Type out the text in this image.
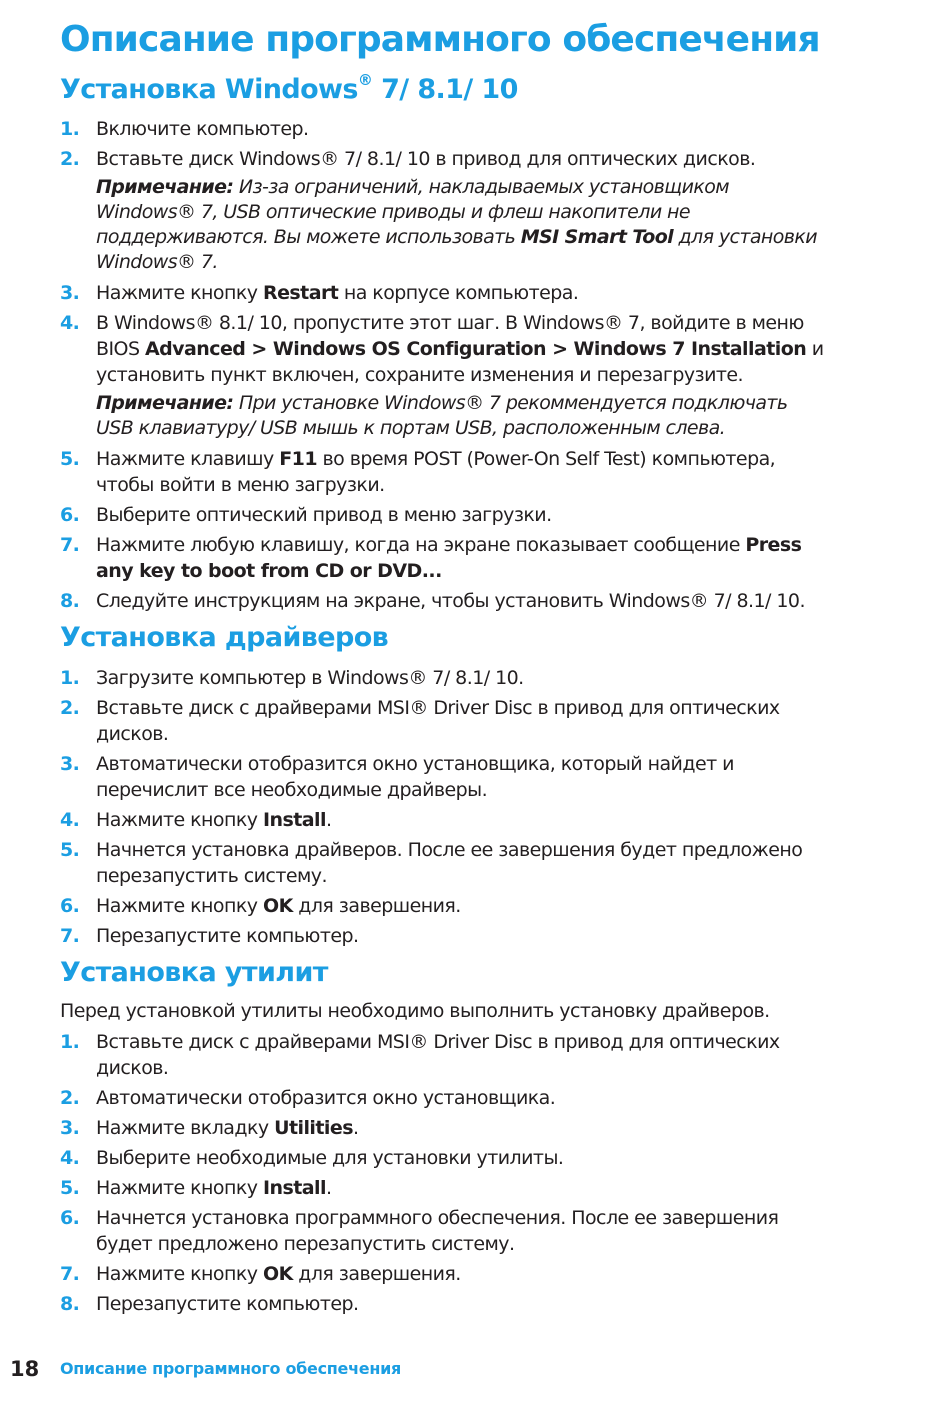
Описание программного обеспечения
Установка Windows® 7/ 8.1/ 10
1. Включите компьютер.
2. Вставьте диск Windows® 7/ 8.1/ 10 в привод для оптических дисков.
Примечание: Из-за ограничений, накладываемых установщиком
Windows® 7, USB оптические приводы и флеш накопители не
поддерживаются. Вы можете использовать MSI Smart Tool для установки
Windows® 7.
3. Нажмите кнопку Restart на корпусе компьютера.
4. В Windows® 8.1/ 10, пропустите этот шаг. В Windows® 7, войдите в меню
BIOS Advanced > Windows OS Configuration > Windows 7 Installation и
установить пункт включен, сохраните изменения и перезагрузите.
Примечание: При установке Windows® 7 рекоммендуется подключать
USB клавиатуру/ USB мышь к портам USB, расположенным слева.
5. Нажмите клавишу F11 во время POST (Power-On Self Test) компьютера,
чтобы войти в меню загрузки.
6. Выберите оптический привод в меню загрузки.
7. Нажмите любую клавишу, когда на экране показывает сообщение Press
any key to boot from CD or DVD...
8. Следуйте инструкциям на экране, чтобы установить Windows® 7/ 8.1/ 10.
Установка драйверов
1. Загрузите компьютер в Windows® 7/ 8.1/ 10.
2. Вставьте диск с драйверами MSI® Driver Disc в привод для оптических
дисков.
3. Автоматически отобразится окно установщика, который найдет и
перечислит все необходимые драйверы.
4. Нажмите кнопку Install.
5. Начнется установка драйверов. После ее завершения будет предложено
перезапустить систему.
6. Нажмите кнопку OK для завершения.
7. Перезапустите компьютер.
Установка утилит

Перед установкой утилиты необходимо выполнить установку драйверов.

1. Вставьте диск с драйверами MSI® Driver Disc в привод для оптических
дисков.
2. Автоматически отобразится окно установщика.
3. Нажмите вкладку Utilities.
4. Выберите необходимые для установки утилиты.
5. Нажмите кнопку Install.
6. Начнется установка программного обеспечения. После ее завершения
будет предложено перезапустить систему.
7. Нажмите кнопку OK для завершения.
8. Перезапустите компьютер.
18 Описание программного обеспечения
